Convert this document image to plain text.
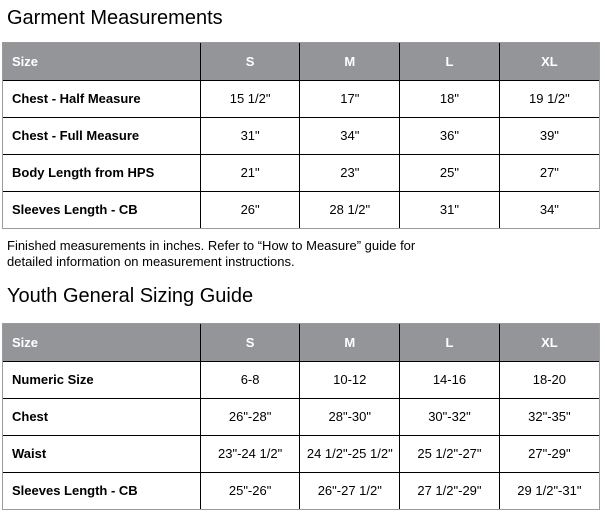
Garment Measurements
Size	S	M	L	XL
Chest - Half Measure	15 1/2"	17"	18"	19 1/2"
Chest - Full Measure	31"	34"	36"	39"
Body Length from HPS	21"	23"	25"	27"
Sleeves Length - CB	26"	28 1/2"	31"	34"

Finished measurements in inches. Refer to “How to Measure” guide for detailed information on measurement instructions.

Youth General Sizing Guide
Size	S	M	L	XL
Numeric Size	6-8	10-12	14-16	18-20
Chest	26"-28"	28"-30"	30"-32"	32"-35"
Waist	23"-24 1/2"	24 1/2"-25 1/2"	25 1/2"-27"	27"-29"
Sleeves Length - CB	25"-26"	26"-27 1/2"	27 1/2"-29"	29 1/2"-31"
